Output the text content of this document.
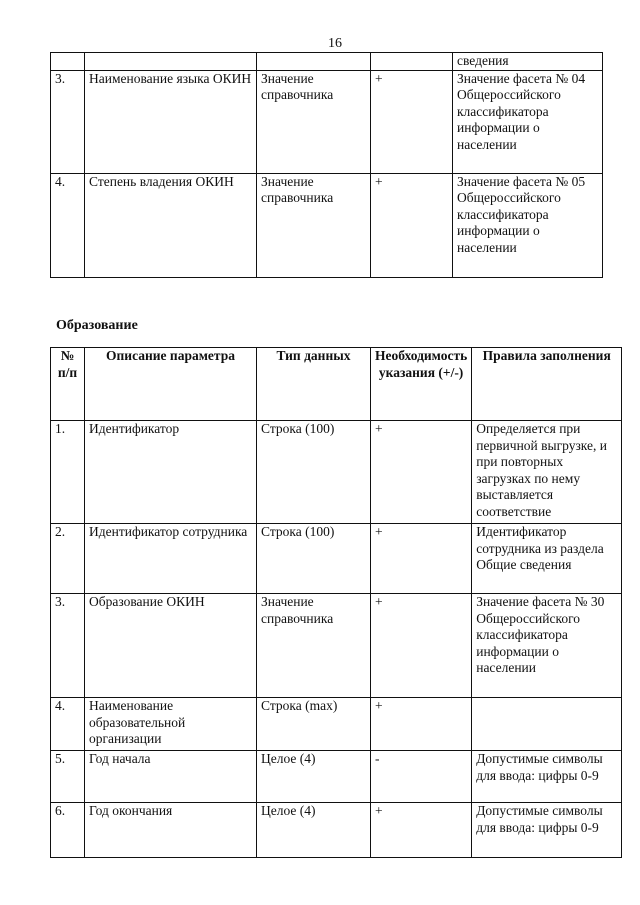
16
				сведения
3.	Наименование языка ОКИН	Значение справочника	+	Значение фасета № 04 Общероссийского классификатора информации о населении
4.	Степень владения ОКИН	Значение справочника	+	Значение фасета № 05 Общероссийского классификатора информации о населении
Образование
№ п/п	Описание параметра	Тип данных	Необходимость указания (+/-)	Правила заполнения
1.	Идентификатор	Строка (100)	+	Определяется при первичной выгрузке, и при повторных загрузках по нему выставляется соответствие
2.	Идентификатор сотрудника	Строка (100)	+	Идентификатор сотрудника из раздела Общие сведения
3.	Образование ОКИН	Значение справочника	+	Значение фасета № 30 Общероссийского классификатора информации о населении
4.	Наименование образовательной организации	Строка (max)	+	
5.	Год начала	Целое (4)	-	Допустимые символы для ввода: цифры 0-9
6.	Год окончания	Целое (4)	+	Допустимые символы для ввода: цифры 0-9
